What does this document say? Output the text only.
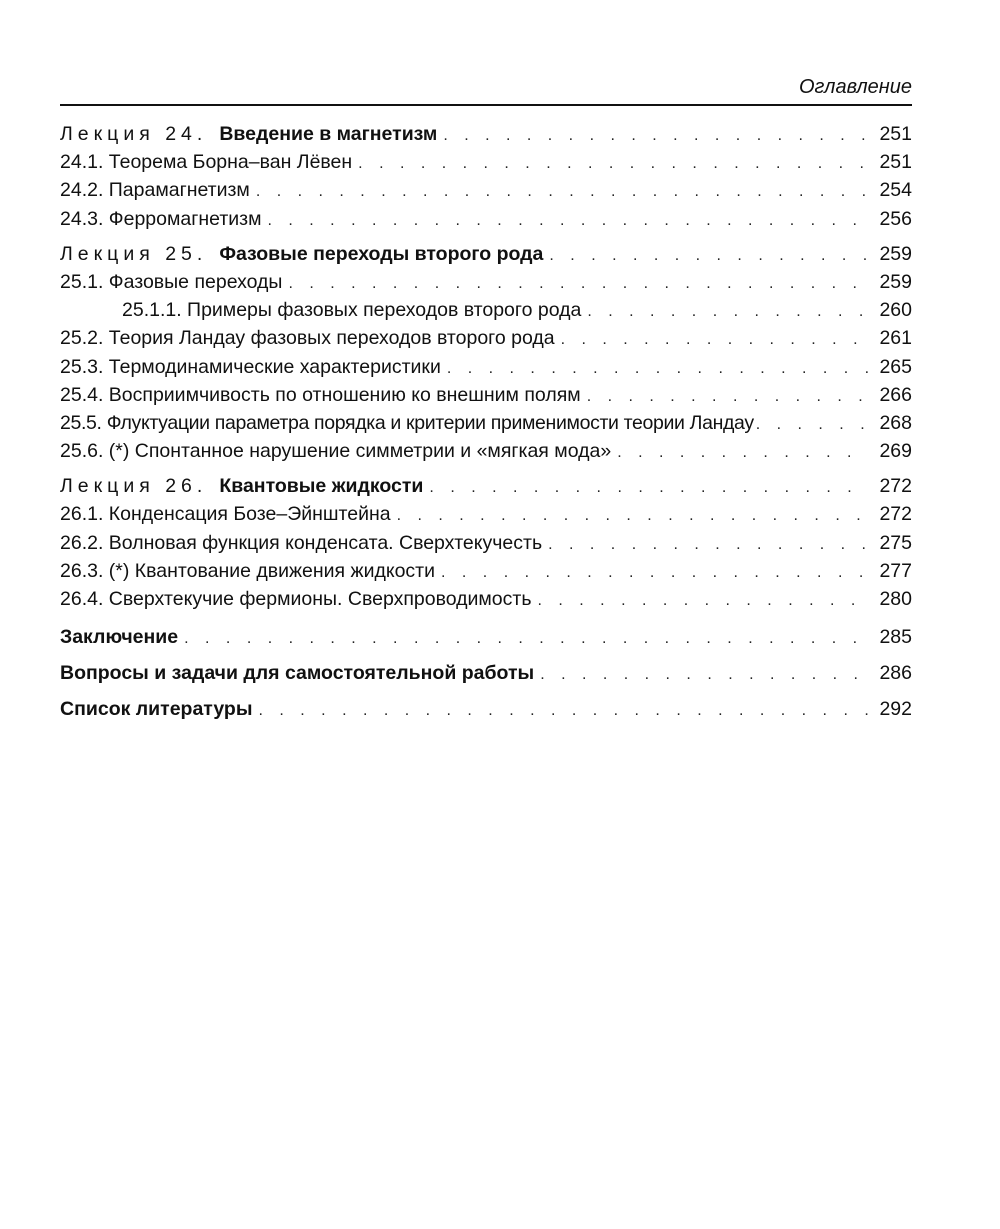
Оглавление
Лекция 24. Введение в магнетизм . . .	251
24.1. Теорема Борна–ван Лёвен . . .	251
24.2. Парамагнетизм . . .	254
24.3. Ферромагнетизм . . .	256
Лекция 25. Фазовые переходы второго рода . . .	259
25.1. Фазовые переходы . . .	259
25.1.1. Примеры фазовых переходов второго рода . . .	260
25.2. Теория Ландау фазовых переходов второго рода . . .	261
25.3. Термодинамические характеристики . . .	265
25.4. Восприимчивость по отношению ко внешним полям . . .	266
25.5. Флуктуации параметра порядка и критерии применимости теории Ландау . . .	268
25.6. (*) Спонтанное нарушение симметрии и «мягкая мода» . . .	269
Лекция 26. Квантовые жидкости . . .	272
26.1. Конденсация Бозе–Эйнштейна . . .	272
26.2. Волновая функция конденсата. Сверхтекучесть . . .	275
26.3. (*) Квантование движения жидкости . . .	277
26.4. Сверхтекучие фермионы. Сверхпроводимость . . .	280
Заключение . . .	285
Вопросы и задачи для самостоятельной работы . . .	286
Список литературы . . .	292
